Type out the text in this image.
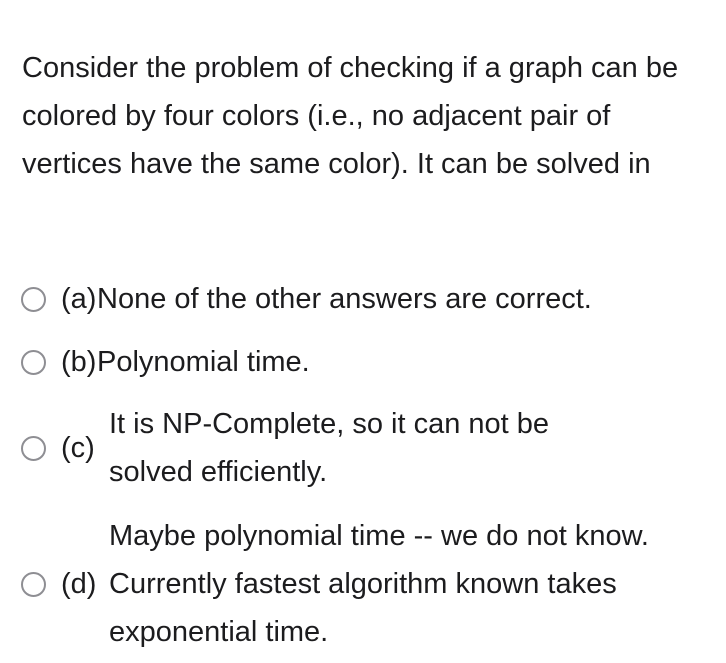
Consider the problem of checking if a graph can be colored by four colors (i.e., no adjacent pair of vertices have the same color). It can be solved in

(a) None of the other answers are correct.
(b) Polynomial time.
(c)
It is NP-Complete, so it can not be solved efficiently.
(d)
Maybe polynomial time -- we do not know. Currently fastest algorithm known takes exponential time.
